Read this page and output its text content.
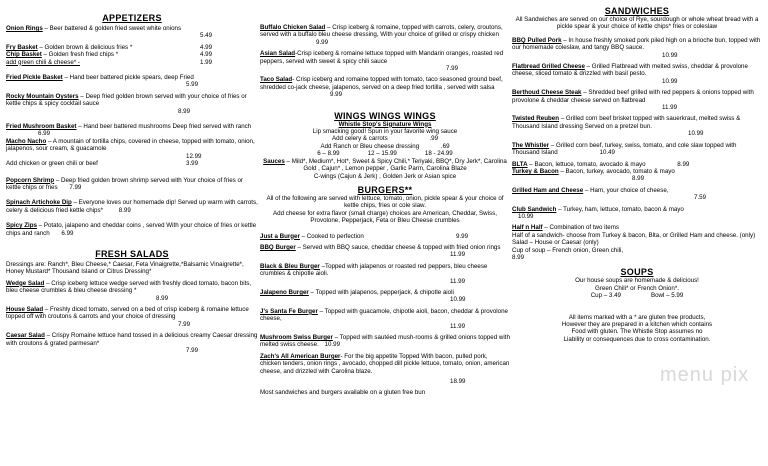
APPETIZERS
Onion Rings – Beer battered & golden fried sweet white onions
5.49
Fry Basket – Golden brown & delicious fries *	4.99
Chip Basket – Golden fresh fried chips *	4.99
add green chili & cheese* -	1.99
Fried Pickle Basket – Hand beer battered pickle spears, deep Fried
5.99
Rocky Mountain Oysters – Deep fried golden brown served with your choice of fries or kettle chips & spicy cocktail sauce
8.99
Fried Mushroom Basket – Hand beer battered mushrooms Deep fried served with ranch 6.99
Macho Nacho – A mountain of tortilla chips, covered in cheese, topped with tomato, onion, jalapenos, sour cream, & guacamole
12.99
Add chicken or green chili or beef	3.99
Popcorn Shrimp – Deep fried golden brown shrimp served with Your choice of fries or kettle chips or fries 7.99
Spinach Artichoke Dip – Everyone loves our homemade dip! Served up warm with carrots, celery & delicious fried kettle chips*	8.99
Spicy Zips – Potato, jalapeno and cheddar coins , served With your choice of fries or kettle chips and ranch 6.99
FRESH SALADS
Dressings are: Ranch*, Bleu Cheese,* Caesar, Feta Vinaigrette,*Balsamic Vinaigrette*, Honey Mustard* Thousand Island or Citrus Dressing*
Wedge Salad – Crisp iceberg lettuce wedge served with freshly diced tomato, bacon bits, bleu cheese crumbles & bleu cheese dressing *
8.99
House Salad – Freshly diced tomato, served on a bed of crisp iceberg & romaine lettuce topped off with croutons & carrots and your choice of dressing
7.99
Caesar Salad – Crispy Romaine lettuce hand tossed in a delicious creamy Caesar dressing with croutons & grated parmesan*
7.99
Buffalo Chicken Salad – Crisp iceberg & romaine, topped with carrots, celery, croutons, served with a buffalo bleu cheese dressing, With your choice of grilled or crispy chicken 9.99
Asian Salad-Crisp iceberg & romaine lettuce topped with Mandarin oranges, roasted red peppers, served with sweet & spicy chili sauce
7.99
Taco Salad- Crisp iceberg and romaine topped with tomato, taco seasoned ground beef, shredded co-jack cheese, jalapenos, served on a deep fried tortilla , served with salsa 9.99
WINGS WINGS WINGS
Whistle Stop's Signature Wings
Lip smacking good! Spun in your favorite wing sauce
Add celery & carrots	.99
Add Ranch or Bleu cheese dressing	.69
6 – 8.99	12 – 15.99	18 - 24.99
Sauces – Mild*, Medium*, Hot*, Sweet & Spicy Chili,* Teriyaki, BBQ*, Dry Jerk*, Carolina Gold , Cajun* , Lemon pepper , Garlic Parm, Carolina Blaze
C-wings (Cajun & Jerk) , Golden Jerk or Asian spice
BURGERS**
All of the following are served with lettuce, tomato, onion, pickle spear & your choice of kettle chips, fries or cole slaw.
Add cheese for extra flavor (small charge) choices are American, Cheddar, Swiss, Provolone, Pepperjack, Feta or Bleu Cheese crumbles
Just a Burger – Cooked to perfection	9.99
BBQ Burger – Served with BBQ sauce, cheddar cheese & topped with fried onion rings
11.99
Black & Bleu Burger –Topped with jalapenos or roasted red peppers, bleu cheese crumbles & chipotle aioli.
11.99
Jalapeno Burger – Topped with jalapenos, pepperjack, & chipotle aioli
10.99
J's Santa Fe Burger – Topped with guacamole, chipotle aioli, bacon, cheddar & provolone cheese,
11.99
Mushroom Swiss Burger – Topped with sautéed mush-rooms & grilled onions topped with melted swiss cheese. 10.99
Zach's All American Burger- For the big appetite Topped With bacon, pulled pork, chicken tenders, onion rings , avocado, chopped dill pickle lettuce, tomato, onion, american cheese, and drizzled with Carolina blaze.
18.99
Most sandwiches and burgers available on a gluten free bun
SANDWICHES
All Sandwiches are served on our choice of Rye, sourdough or whole wheat bread with a pickle spear & your choice of kettle chips* fries or coleslaw
BBQ Pulled Pork – In house freshly smoked pork piled high on a brioche bun, topped with our homemade coleslaw, and tangy BBQ sauce.
10.99
Flatbread Grilled Cheese – Grilled Flatbread with melted swiss, cheddar & provolone cheese, sliced tomato & drizzled with basil pesto.
10.99
Berthoud Cheese Steak – Shredded beef grilled with red peppers & onions topped with provolone & cheddar cheese served on flatbread
11.99
Twisted Reuben – Grilled corn beef brisket topped with sauerkraut, melted swiss & Thousand Island dressing Served on a pretzel bun.
10.99
The Whistler – Grilled corn beef, turkey, swiss, tomato, and cole slaw topped with Thousand Island	10.49
BLTA – Bacon, lettuce, tomato, avocado & mayo	8.99
Turkey & Bacon – Bacon, turkey, avocado, tomato & mayo 8.99
Grilled Ham and Cheese – Ham, your choice of cheese,
7.59
Club Sandwich – Turkey, ham, lettuce, tomato, bacon & mayo
10.99
Half n Half – Combination of two items
Half of a sandwich- choose from Turkey & bacon, Blta, or Grilled Ham and cheese. (only)
Salad – House or Caesar (only)
Cup of soup – French onion, Green chili,
8.99
SOUPS
Our house soups are homemade & delicious!
Green Chili* or French Onion*.
Cup – 3.49	Bowl – 5.99
All items marked with a * are gluten free products,
However they are prepared in a kitchen which contains
Food with gluten. The Whistle Stop assumes no
Liability or consequences due to cross contamination.
menu pix
